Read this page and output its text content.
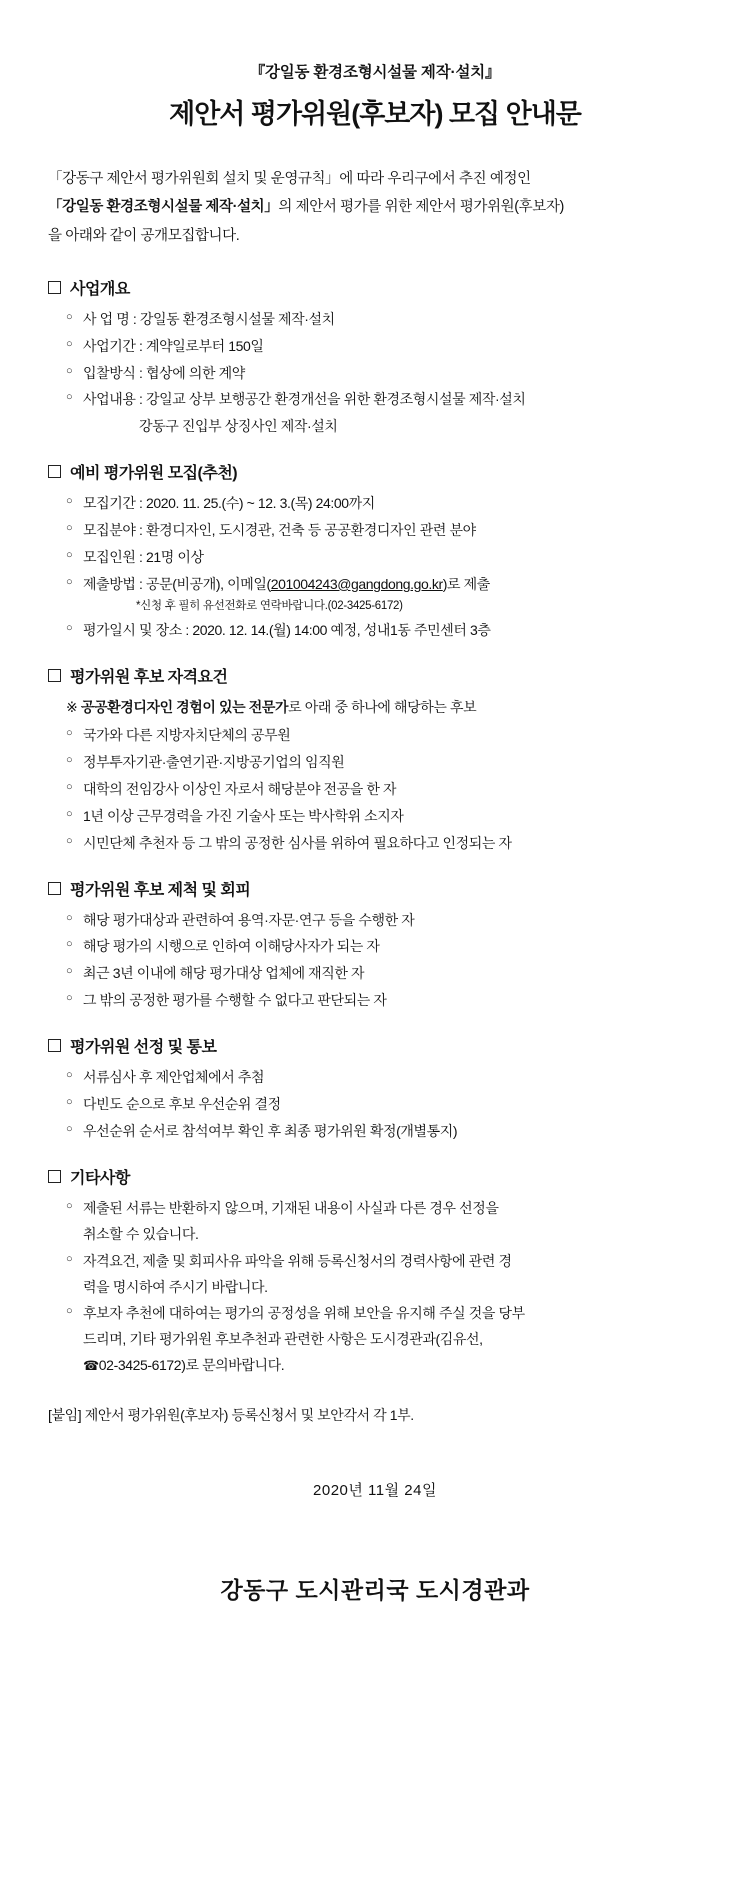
『강일동 환경조형시설물 제작·설치』
제안서 평가위원(후보자) 모집 안내문
「강동구 제안서 평가위원회 설치 및 운영규칙」에 따라 우리구에서 추진 예정인
「강일동 환경조형시설물 제작·설치」의 제안서 평가를 위한 제안서 평가위원(후보자)
을 아래와 같이 공개모집합니다.
사업개요
○ 사 업 명 : 강일동 환경조형시설물 제작·설치
○ 사업기간 : 계약일로부터 150일
○ 입찰방식 : 협상에 의한 계약
○ 사업내용 : 강일교 상부 보행공간 환경개선을 위한 환경조형시설물 제작·설치
강동구 진입부 상징사인 제작·설치
예비 평가위원 모집(추천)
○ 모집기간 : 2020. 11. 25.(수) ~ 12. 3.(목) 24:00까지
○ 모집분야 : 환경디자인, 도시경관, 건축 등 공공환경디자인 관련 분야
○ 모집인원 : 21명 이상
○ 제출방법 : 공문(비공개), 이메일(201004243@gangdong.go.kr)로 제출
*신청 후 필히 유선전화로 연락바랍니다.(02-3425-6172)
○ 평가일시 및 장소 : 2020. 12. 14.(월) 14:00 예정, 성내1동 주민센터 3층
평가위원 후보 자격요건
※ 공공환경디자인 경험이 있는 전문가로 아래 중 하나에 해당하는 후보
○ 국가와 다른 지방자치단체의 공무원
○ 정부투자기관·출연기관·지방공기업의 임직원
○ 대학의 전임강사 이상인 자로서 해당분야 전공을 한 자
○ 1년 이상 근무경력을 가진 기술사 또는 박사학위 소지자
○ 시민단체 추천자 등 그 밖의 공정한 심사를 위하여 필요하다고 인정되는 자
평가위원 후보 제척 및 회피
○ 해당 평가대상과 관련하여 용역·자문·연구 등을 수행한 자
○ 해당 평가의 시행으로 인하여 이해당사자가 되는 자
○ 최근 3년 이내에 해당 평가대상 업체에 재직한 자
○ 그 밖의 공정한 평가를 수행할 수 없다고 판단되는 자
평가위원 선정 및 통보
○ 서류심사 후 제안업체에서 추첨
○ 다빈도 순으로 후보 우선순위 결정
○ 우선순위 순서로 참석여부 확인 후 최종 평가위원 확정(개별통지)
기타사항
○ 제출된 서류는 반환하지 않으며, 기재된 내용이 사실과 다른 경우 선정을
취소할 수 있습니다.
○ 자격요건, 제출 및 회피사유 파악을 위해 등록신청서의 경력사항에 관련 경
력을 명시하여 주시기 바랍니다.
○ 후보자 추천에 대하여는 평가의 공정성을 위해 보안을 유지해 주실 것을 당부
드리며, 기타 평가위원 후보추천과 관련한 사항은 도시경관과(김유선,
☎02-3425-6172)로 문의바랍니다.
[붙임] 제안서 평가위원(후보자) 등록신청서 및 보안각서 각 1부.
2020년 11월 24일
강동구 도시관리국 도시경관과
